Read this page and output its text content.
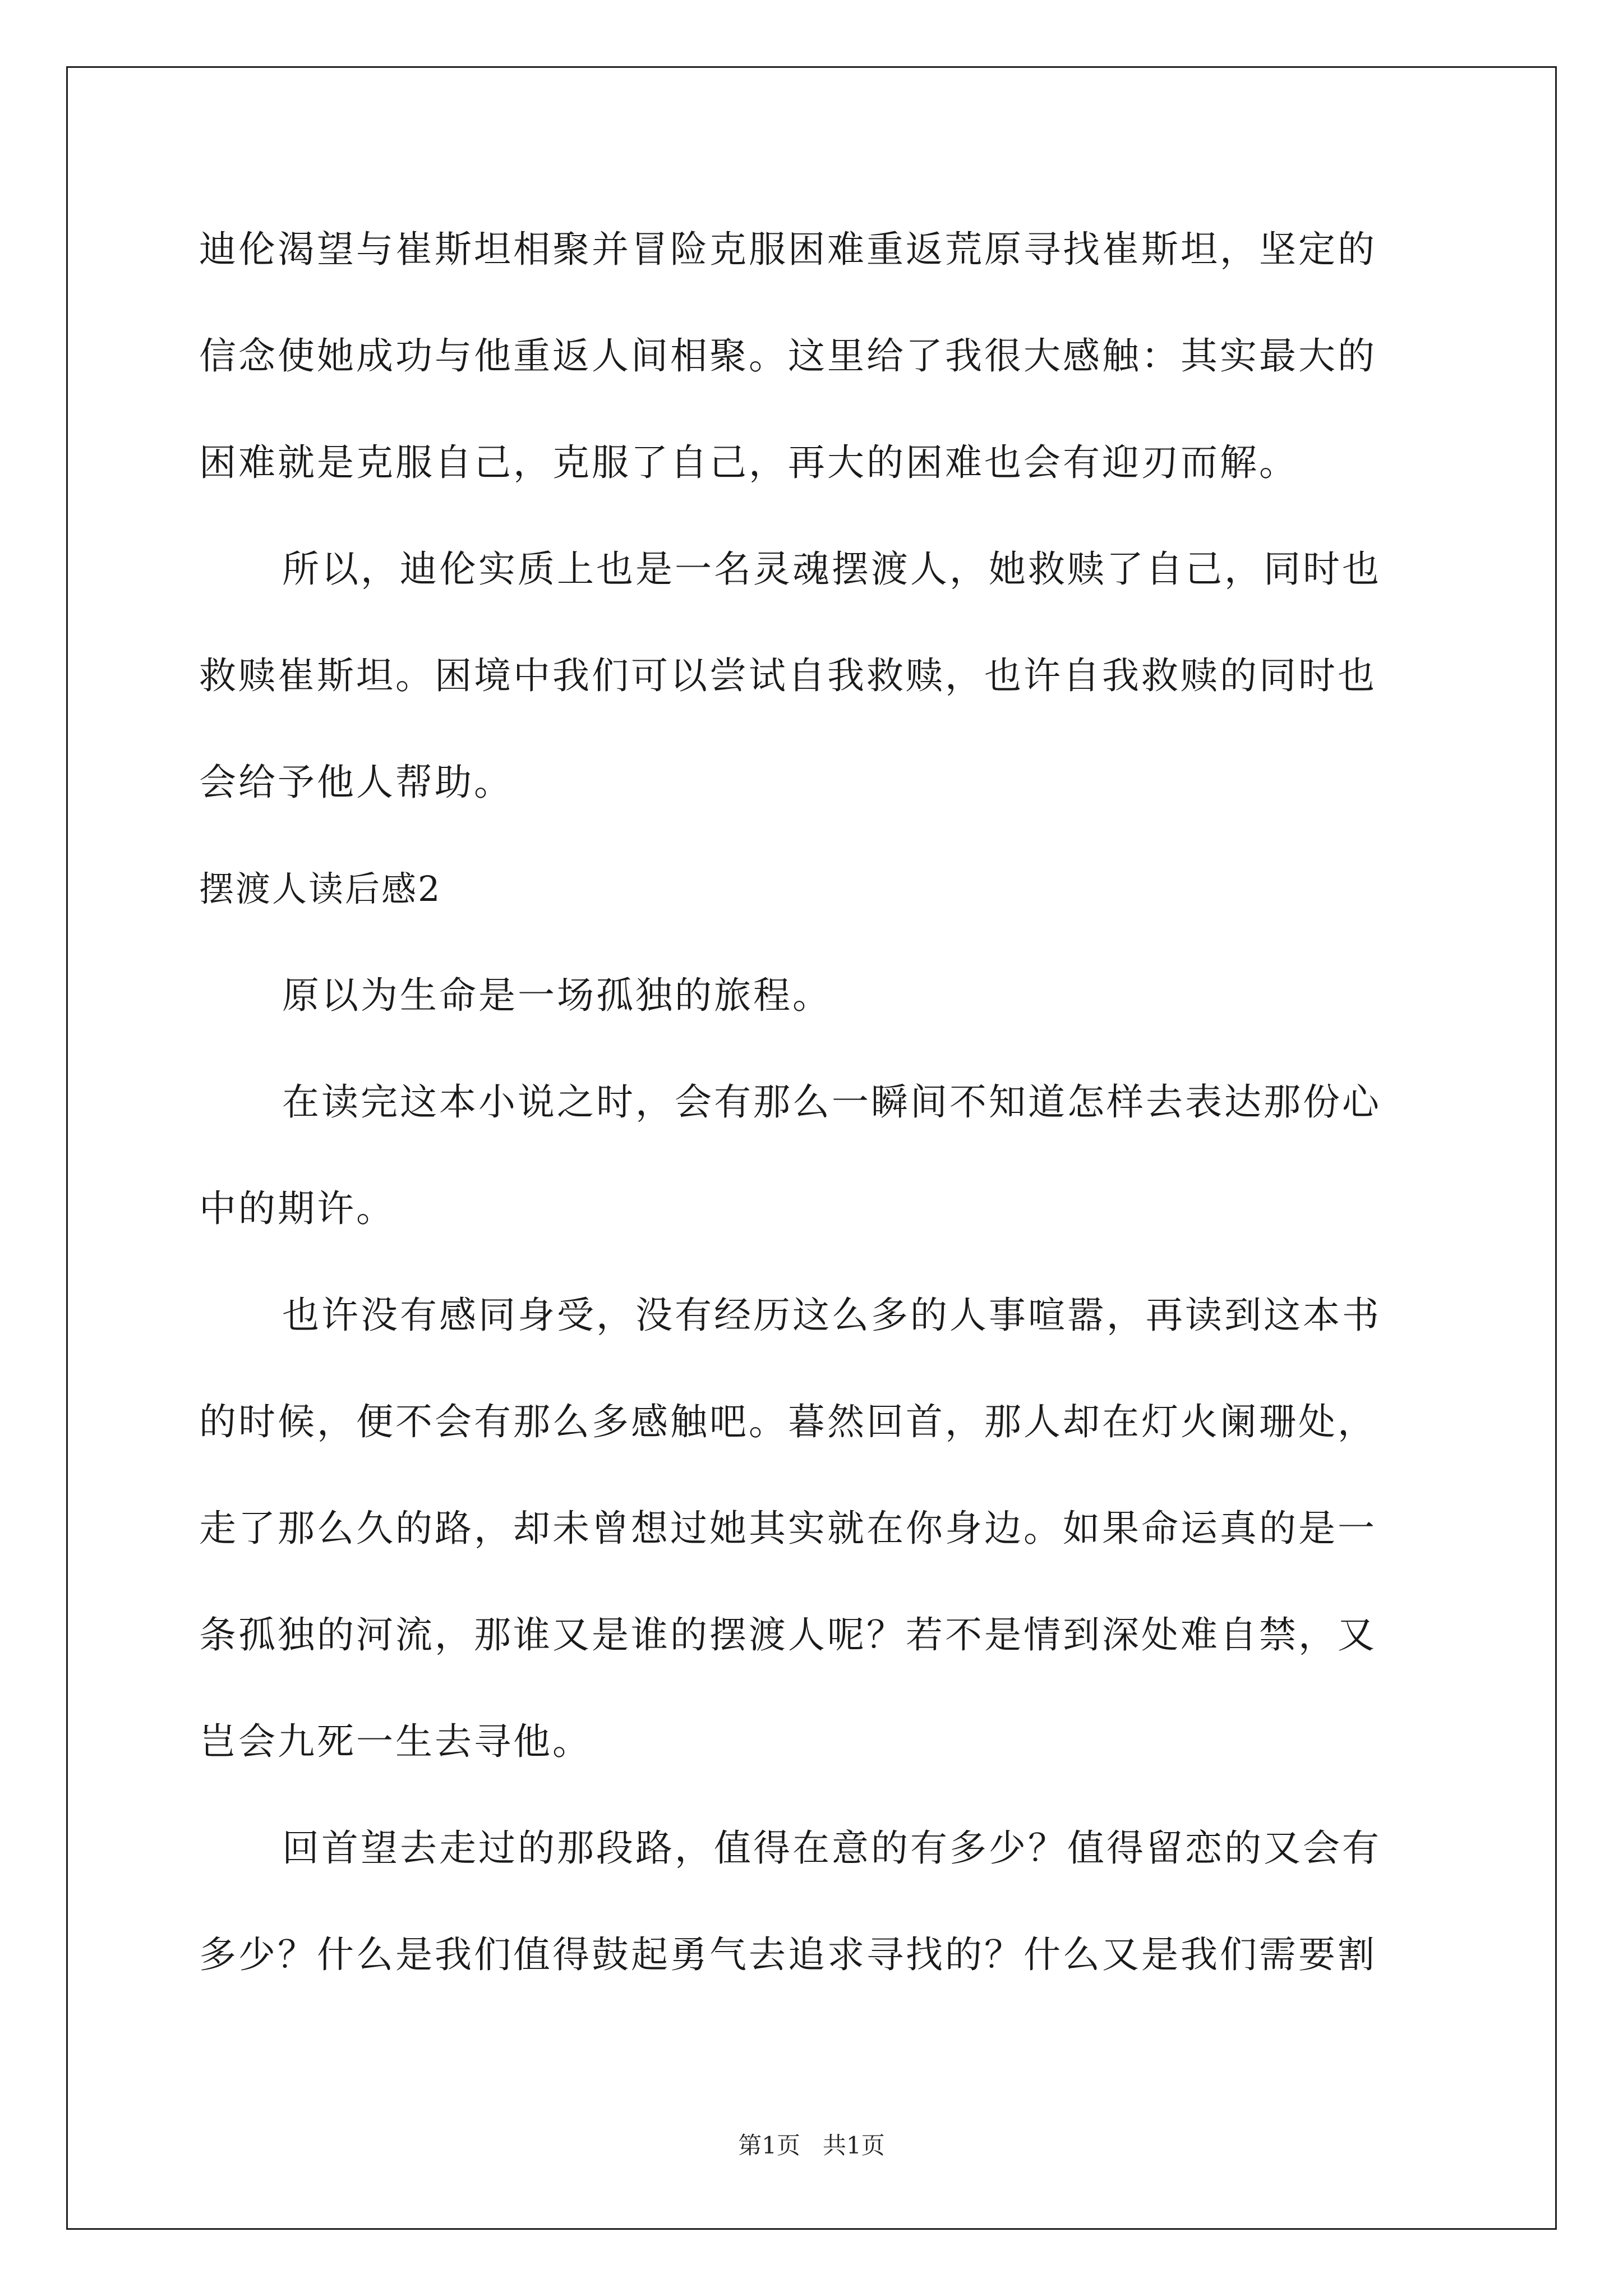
迪伦渴望与崔斯坦相聚并冒险克服困难重返荒原寻找崔斯坦，坚定的
信念使她成功与他重返人间相聚。这里给了我很大感触：其实最大的
困难就是克服自己，克服了自己，再大的困难也会有迎刃而解。
所以，迪伦实质上也是一名灵魂摆渡人，她救赎了自己，同时也
救赎崔斯坦。困境中我们可以尝试自我救赎，也许自我救赎的同时也
会给予他人帮助。
摆渡人读后感2
原以为生命是一场孤独的旅程。
在读完这本小说之时，会有那么一瞬间不知道怎样去表达那份心
中的期许。
也许没有感同身受，没有经历这么多的人事喧嚣，再读到这本书
的时候，便不会有那么多感触吧。暮然回首，那人却在灯火阑珊处，
走了那么久的路，却未曾想过她其实就在你身边。如果命运真的是一
条孤独的河流，那谁又是谁的摆渡人呢？若不是情到深处难自禁，又
岂会九死一生去寻他。
回首望去走过的那段路，值得在意的有多少？值得留恋的又会有
多少？什么是我们值得鼓起勇气去追求寻找的？什么又是我们需要割
第1页   共1页
